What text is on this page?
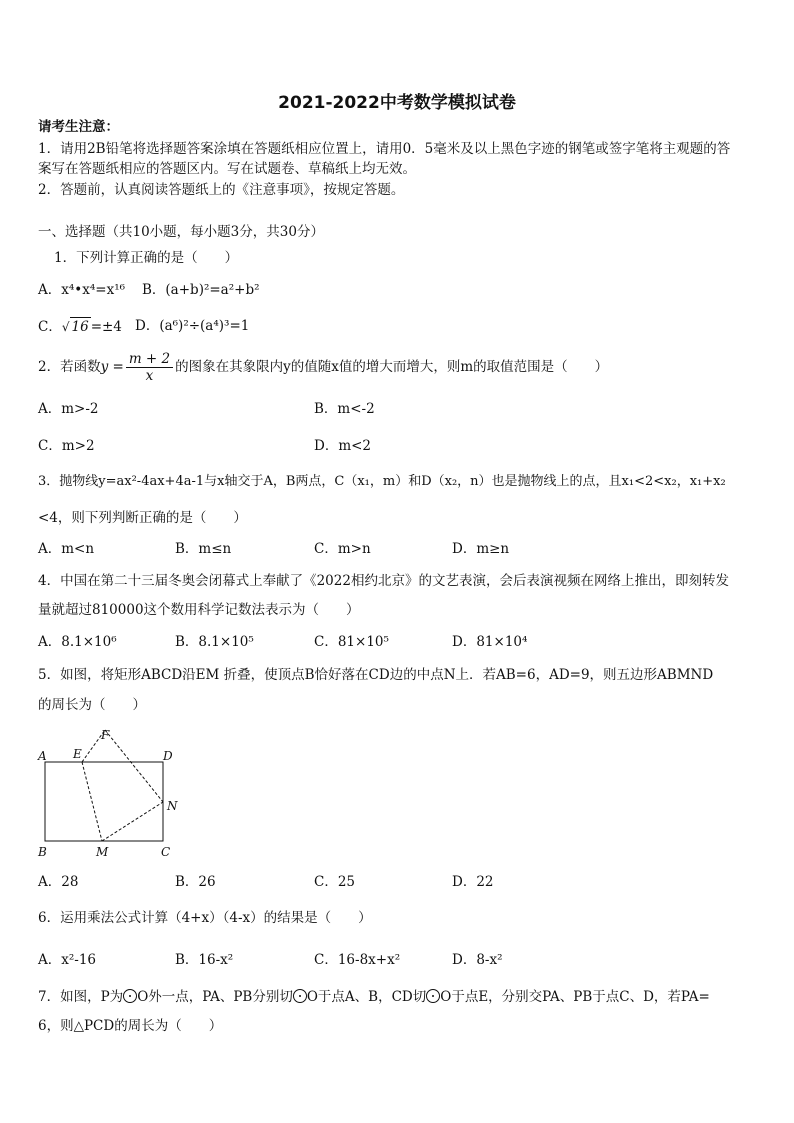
2021-2022中考数学模拟试卷
请考生注意：
1．请用2B铅笔将选择题答案涂填在答题纸相应位置上，请用0．5毫米及以上黑色字迹的钢笔或签字笔将主观题的答
案写在答题纸相应的答题区内。写在试题卷、草稿纸上均无效。
2．答题前，认真阅读答题纸上的《注意事项》，按规定答题。
一、选择题（共10小题，每小题3分，共30分）
1．下列计算正确的是（　　）
A．x⁴•x⁴=x¹⁶ B．(a+b)²=a²+b²
C．√ 16 =±4 D．(a⁶)²÷(a⁴)³=1
2．若函数$y = \frac{m + 2}{x}$ 的图象在其象限内y的值随x值的增大而增大，则m的取值范围是（　　）
A．m>-2	B．m<-2
C．m>2	D．m<2
3．抛物线y=ax²-4ax+4a-1与x轴交于A，B两点，C（x₁，m）和D（x₂，n）也是抛物线上的点，且x₁<2<x₂，x₁+x₂
<4，则下列判断正确的是（　　）
A．m<n	B．m≤n	C．m>n	D．m≥n
4．中国在第二十三届冬奥会闭幕式上奉献了《2022相约北京》的文艺表演，会后表演视频在网络上推出，即刻转发
量就超过810000这个数用科学记数法表示为（　　）
A．8.1×10⁶	B．8.1×10⁵	C．81×10⁵	D．81×10⁴
5．如图，将矩形ABCD沿EM 折叠，使顶点B恰好落在CD边的中点N上．若AB=6，AD=9，则五边形ABMND
的周长为（　　）
A E
F
D
N
B	M	C
A．28	B．26	C．25	D．22
6．运用乘法公式计算（4+x）（4-x）的结果是（　　）
A．x²-16	B．16-x²	C．16-8x+x²	D．8-x²
7．如图，P为 O外一点，PA、PB分别切 O于点A、B，CD切 O于点E，分别交PA、PB于点C、D，若PA=
6，则△PCD的周长为（　　）
